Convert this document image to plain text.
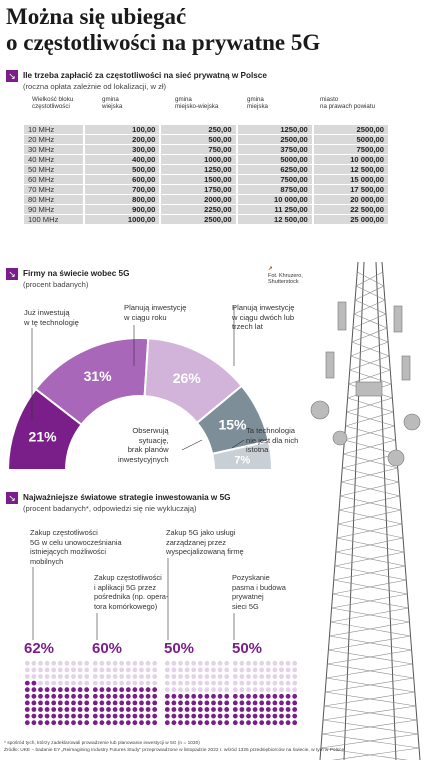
Można się ubiegać
o częstotliwości na prywatne 5G
↘ Ile trzeba zapłacić za częstotliwości na sieć prywatną w Polsce
(roczna opłata zależnie od lokalizacji, w zł)
Wielkość bloku
częstotliwości
gmina
wiejska
gmina
miejsko-wiejska
gmina
miejska
miasto
na prawach powiatu
10 MHz	100,00	250,00	1250,00	2500,00
20 MHz	200,00	500,00	2500,00	5000,00
30 MHz	300,00	750,00	3750,00	7500,00
40 MHz	400,00	1000,00	5000,00	10 000,00
50 MHz	500,00	1250,00	6250,00	12 500,00
60 MHz	600,00	1500,00	7500,00	15 000,00
70 MHz	700,00	1750,00	8750,00	17 500,00
80 MHz	800,00	2000,00	10 000,00	20 000,00
90 MHz	900,00	2250,00	11 250,00	22 500,00
100 MHz	1000,00	2500,00	12 500,00	25 000,00
↘ Firmy na świecie wobec 5G
(procent badanych)
↗
Fot. Khruzero,
Shutterstock
21%
31%	26%
15%
7%
Już inwestują
w tę technologię
Planują inwestycję
w ciągu roku
Planują inwestycję
w ciągu dwóch lub
trzech lat
Obserwują
sytuację,
brak planów
inwestycyjnych
Ta technologia
nie jest dla nich
istotna
↘ Najważniejsze światowe strategie inwestowania w 5G
(procent badanych*, odpowiedzi się nie wykluczają)
Zakup częstotliwości
5G w celu unowocześniania
istniejących możliwości
mobilnych
Zakup częstotliwości
i aplikacji 5G przez
pośrednika (np. opera-
tora komórkowego)
Zakup 5G jako usługi
zarządzanej przez
wyspecjalizowaną firmę
Pozyskanie
pasma i budowa
prywatnej
sieci 5G
62%	60%	50%	50%
* spośród tych, którzy zadeklarowali prowadzenie lub planowanie inwestycji w 5G (n = 1030)
Źródło: UKE – badanie EY „Reimagining Industry Futures Study” przeprowadzone w listopadzie 2022 r. wśród 1325 przedsiębiorców na świecie, w tym w Polsce
